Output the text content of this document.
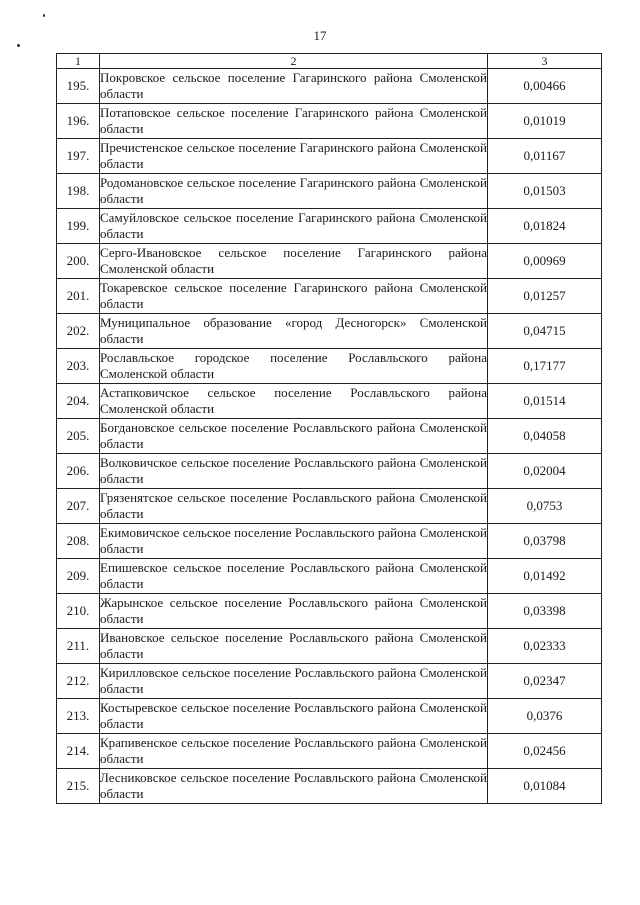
17
1	2	3
195.	Покровское сельское поселение Гагаринского района Смоленской области	0,00466
196.	Потаповское сельское поселение Гагаринского района Смоленской области	0,01019
197.	Пречистенское сельское поселение Гагаринского района Смоленской области	0,01167
198.	Родомановское сельское поселение Гагаринского района Смоленской области	0,01503
199.	Самуйловское сельское поселение Гагаринского района Смоленской области	0,01824
200.	Серго-Ивановское сельское поселение Гагаринского района Смоленской области	0,00969
201.	Токаревское сельское поселение Гагаринского района Смоленской области	0,01257
202.	Муниципальное образование «город Десногорск» Смоленской области	0,04715
203.	Рославльское городское поселение Рославльского района Смоленской области	0,17177
204.	Астапковичское сельское поселение Рославльского района Смоленской области	0,01514
205.	Богдановское сельское поселение Рославльского района Смоленской области	0,04058
206.	Волковичское сельское поселение Рославльского района Смоленской области	0,02004
207.	Грязенятское сельское поселение Рославльского района Смоленской области	0,0753
208.	Екимовичское сельское поселение Рославльского района Смоленской области	0,03798
209.	Епишевское сельское поселение Рославльского района Смоленской области	0,01492
210.	Жарынское сельское поселение Рославльского района Смоленской области	0,03398
211.	Ивановское сельское поселение Рославльского района Смоленской области	0,02333
212.	Кирилловское сельское поселение Рославльского района Смоленской области	0,02347
213.	Костыревское сельское поселение Рославльского района Смоленской области	0,0376
214.	Крапивенское сельское поселение Рославльского района Смоленской области	0,02456
215.	Лесниковское сельское поселение Рославльского района Смоленской области	0,01084
